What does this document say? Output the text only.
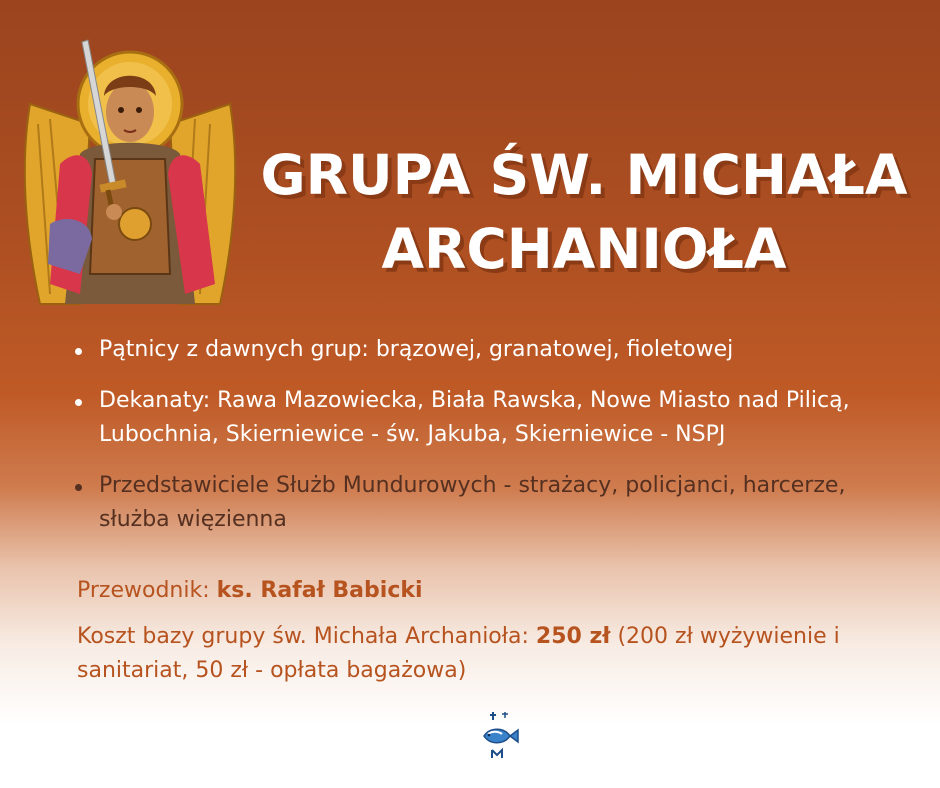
GRUPA ŚW. MICHAŁA
ARCHANIOŁA
Pątnicy z dawnych grup: brązowej, granatowej, fioletowej
Dekanaty: Rawa Mazowiecka, Biała Rawska, Nowe Miasto nad Pilicą, Lubochnia, Skierniewice - św. Jakuba, Skierniewice - NSPJ
Przedstawiciele Służb Mundurowych - strażacy, policjanci, harcerze, służba więzienna
Przewodnik: ks. Rafał Babicki
Koszt bazy grupy św. Michała Archanioła: 250 zł (200 zł wyżywienie i sanitariat, 50 zł - opłata bagażowa)
